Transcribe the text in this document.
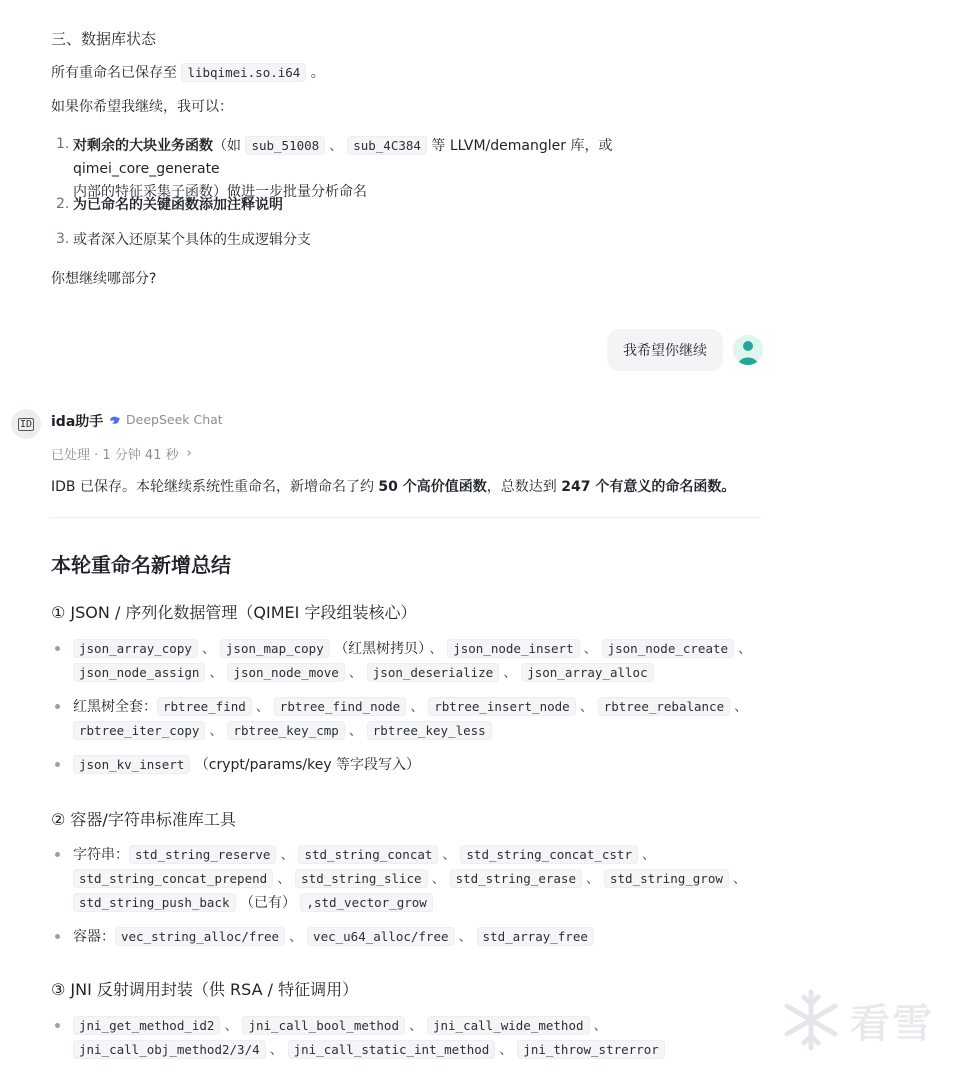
三、数据库状态
所有重命名已保存至 libqimei.so.i64 。
如果你希望我继续，我可以：
1. 对剩余的大块业务函数（如 sub_51008 、 sub_4C384 等 LLVM/demangler 库，或 qimei_core_generate
内部的特征采集子函数）做进一步批量分析命名
2. 为已命名的关键函数添加注释说明
3. 或者深入还原某个具体的生成逻辑分支
你想继续哪部分?
我希望你继续
ID ida助手 DeepSeek Chat
已处理 · 1 分钟 41 秒 ›
IDB 已保存。本轮继续系统性重命名，新增命名了约 50 个高价值函数，总数达到 247 个有意义的命名函数。
本轮重命名新增总结
① JSON / 序列化数据管理（QIMEI 字段组装核心）
json_array_copy 、 json_map_copy （红黑树拷贝） 、 json_node_insert 、 json_node_create 、
json_node_assign 、 json_node_move 、 json_deserialize 、 json_array_alloc
红黑树全套： rbtree_find 、 rbtree_find_node 、 rbtree_insert_node 、 rbtree_rebalance 、
rbtree_iter_copy 、 rbtree_key_cmp 、 rbtree_key_less
json_kv_insert （crypt/params/key 等字段写入）
② 容器/字符串标准库工具
字符串： std_string_reserve 、 std_string_concat 、 std_string_concat_cstr 、
std_string_concat_prepend 、 std_string_slice 、 std_string_erase 、 std_string_grow 、
std_string_push_back （已有） ,std_vector_grow
容器： vec_string_alloc/free 、 vec_u64_alloc/free 、 std_array_free
③ JNI 反射调用封装（供 RSA / 特征调用）
jni_get_method_id2 、 jni_call_bool_method 、 jni_call_wide_method 、
jni_call_obj_method2/3/4 、 jni_call_static_int_method 、 jni_throw_strerror
看雪
